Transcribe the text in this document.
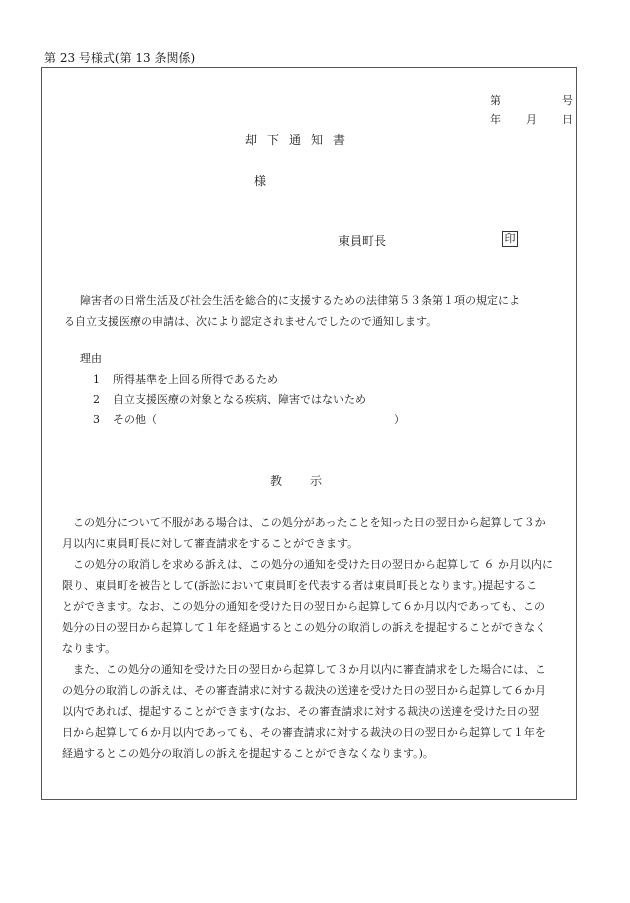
第 23 号様式(第 13 条関係)
第	号
年 月 日
却 下 通 知 書
様
東員町長	印
障害者の日常生活及び社会生活を総合的に支援するための法律第５３条第１項の規定によ
る自立支援医療の申請は、次により認定されませんでしたので通知します。
理由
1 所得基準を上回る所得であるため
2 自立支援医療の対象となる疾病、障害ではないため
3 その他（	）
教 示
　この処分について不服がある場合は、この処分があったことを知った日の翌日から起算して３か
月以内に東員町長に対して審査請求をすることができます。
　この処分の取消しを求める訴えは、この処分の通知を受けた日の翌日から起算して ６ か月以内に
限り、東員町を被告として(訴訟において東員町を代表する者は東員町長となります。)提起するこ
とができます。なお、この処分の通知を受けた日の翌日から起算して６か月以内であっても、この
処分の日の翌日から起算して１年を経過するとこの処分の取消しの訴えを提起することができなく
なります。
　また、この処分の通知を受けた日の翌日から起算して３か月以内に審査請求をした場合には、こ
の処分の取消しの訴えは、その審査請求に対する裁決の送達を受けた日の翌日から起算して６か月
以内であれば、提起することができます(なお、その審査請求に対する裁決の送達を受けた日の翌
日から起算して６か月以内であっても、その審査請求に対する裁決の日の翌日から起算して１年を
経過するとこの処分の取消しの訴えを提起することができなくなります。)。
